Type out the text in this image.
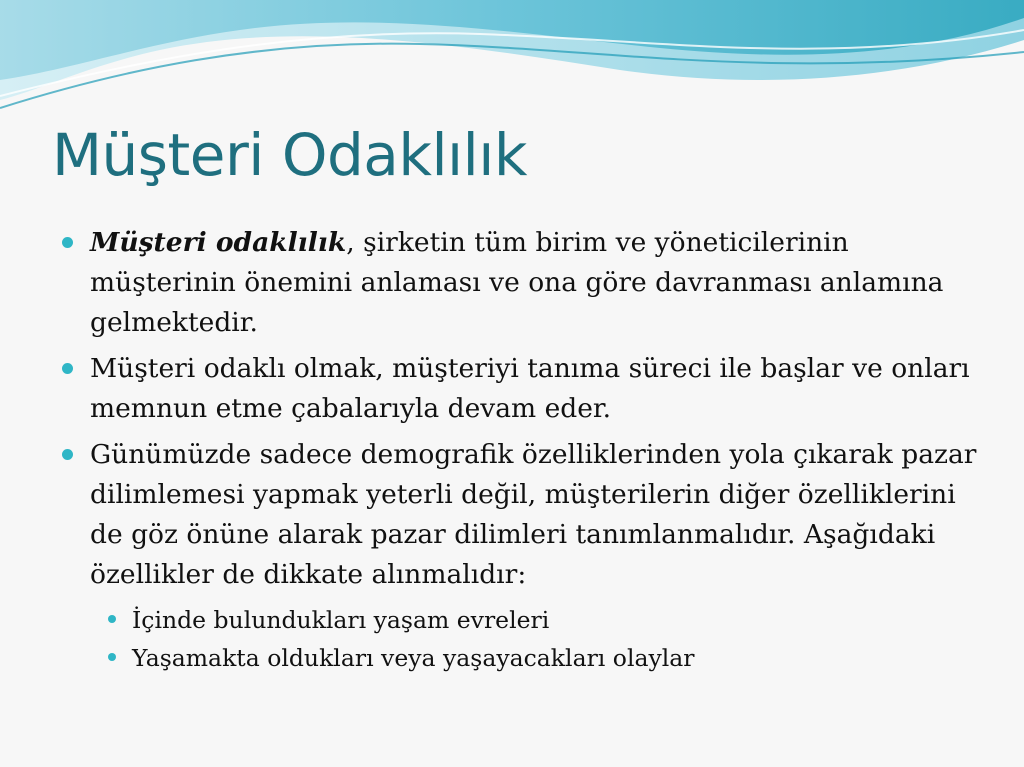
Müşteri Odaklılık
Müşteri odaklılık, şirketin tüm birim ve yöneticilerinin müşterinin önemini anlaması ve ona göre davranması anlamına gelmektedir.
Müşteri odaklı olmak, müşteriyi tanıma süreci ile başlar ve onları memnun etme çabalarıyla devam eder.
Günümüzde sadece demografik özelliklerinden yola çıkarak pazar dilimlemesi yapmak yeterli değil, müşterilerin diğer özelliklerini de göz önüne alarak pazar dilimleri tanımlanmalıdır. Aşağıdaki özellikler de dikkate alınmalıdır:
İçinde bulundukları yaşam evreleri
Yaşamakta oldukları veya yaşayacakları olaylar
